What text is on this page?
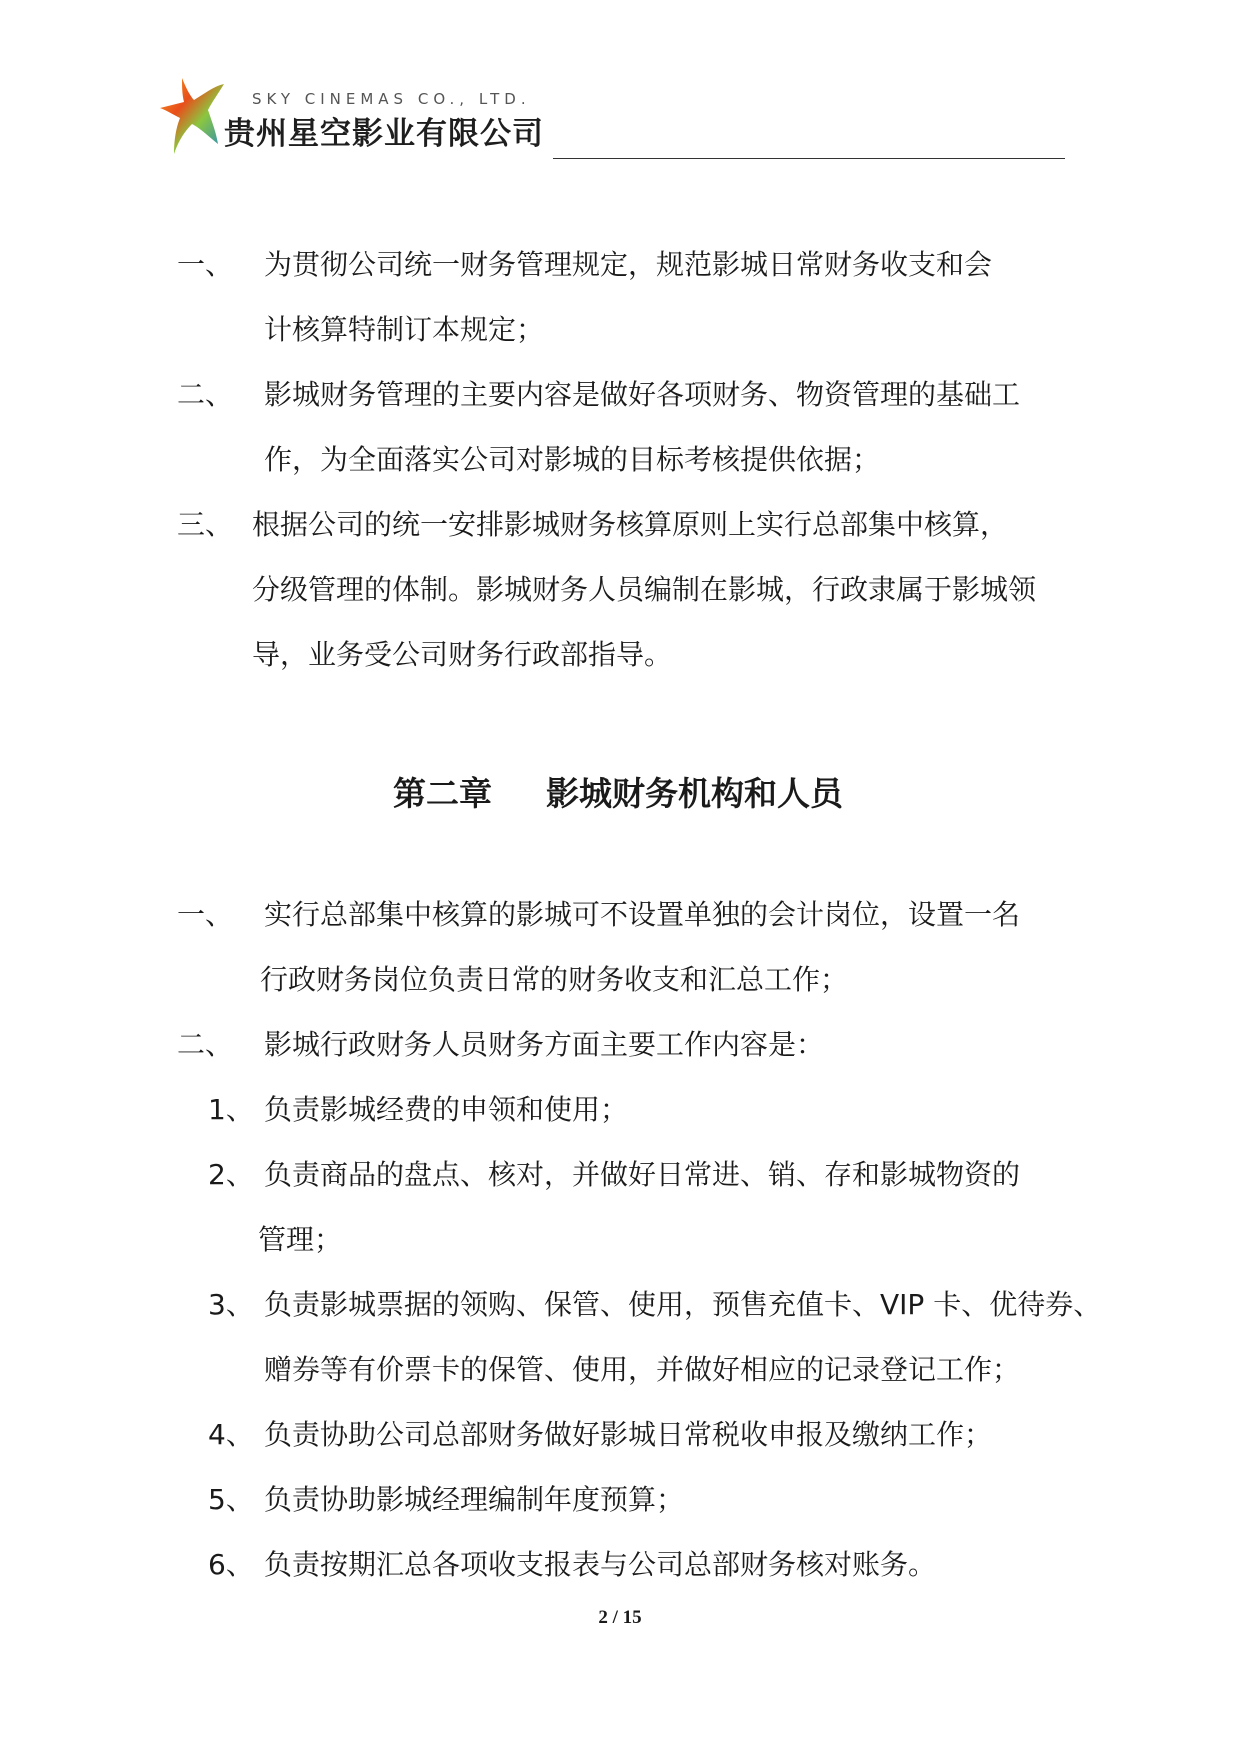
SKY CINEMAS CO., LTD.
贵州星空影业有限公司
一、 为贯彻公司统一财务管理规定，规范影城日常财务收支和会
计核算特制订本规定；
二、 影城财务管理的主要内容是做好各项财务、物资管理的基础工
作，为全面落实公司对影城的目标考核提供依据；
三、 根据公司的统一安排影城财务核算原则上实行总部集中核算，
分级管理的体制。影城财务人员编制在影城，行政隶属于影城领
导，业务受公司财务行政部指导。
第二章 影城财务机构和人员
一、 实行总部集中核算的影城可不设置单独的会计岗位，设置一名
行政财务岗位负责日常的财务收支和汇总工作；
二、 影城行政财务人员财务方面主要工作内容是：
1、 负责影城经费的申领和使用；
2、 负责商品的盘点、核对，并做好日常进、销、存和影城物资的
管理；
3、 负责影城票据的领购、保管、使用，预售充值卡、VIP 卡、优待券、
赠券等有价票卡的保管、使用，并做好相应的记录登记工作；
4、 负责协助公司总部财务做好影城日常税收申报及缴纳工作；
5、 负责协助影城经理编制年度预算；
6、 负责按期汇总各项收支报表与公司总部财务核对账务。
2 / 15
